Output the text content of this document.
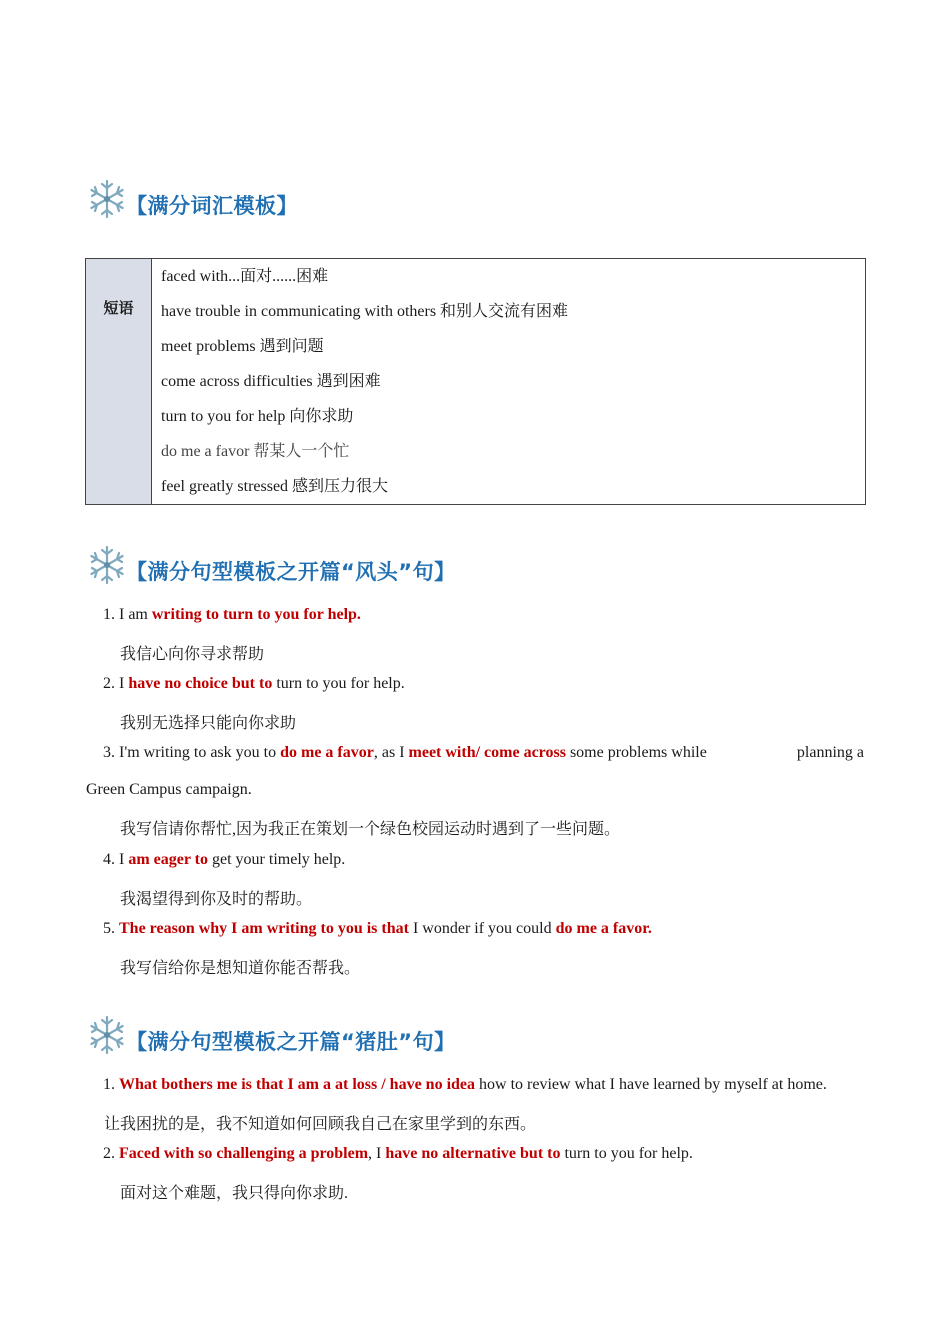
【满分词汇模板】
短语
faced with...面对......困难
have trouble in communicating with others 和别人交流有困难
meet problems 遇到问题
come across difficulties 遇到困难
turn to you for help 向你求助
do me a favor 帮某人一个忙
feel greatly stressed 感到压力很大
【满分句型模板之开篇“风头”句】
1. I am writing to turn to you for help.
我信心向你寻求帮助
2. I have no choice but to turn to you for help.
我别无选择只能向你求助
3. I'm writing to ask you to do me a favor, as I meet with/ come across some problems while	planning a
Green Campus campaign.
我写信请你帮忙,因为我正在策划一个绿色校园运动时遇到了一些问题。
4. I am eager to get your timely help.
我渴望得到你及时的帮助。
5. The reason why I am writing to you is that I wonder if you could do me a favor.
我写信给你是想知道你能否帮我。
【满分句型模板之开篇“猪肚”句】
1. What bothers me is that I am a at loss / have no idea how to review what I have learned by myself at home.
让我困扰的是，我不知道如何回顾我自己在家里学到的东西。
2. Faced with so challenging a problem, I have no alternative but to turn to you for help.
面对这个难题，我只得向你求助.
